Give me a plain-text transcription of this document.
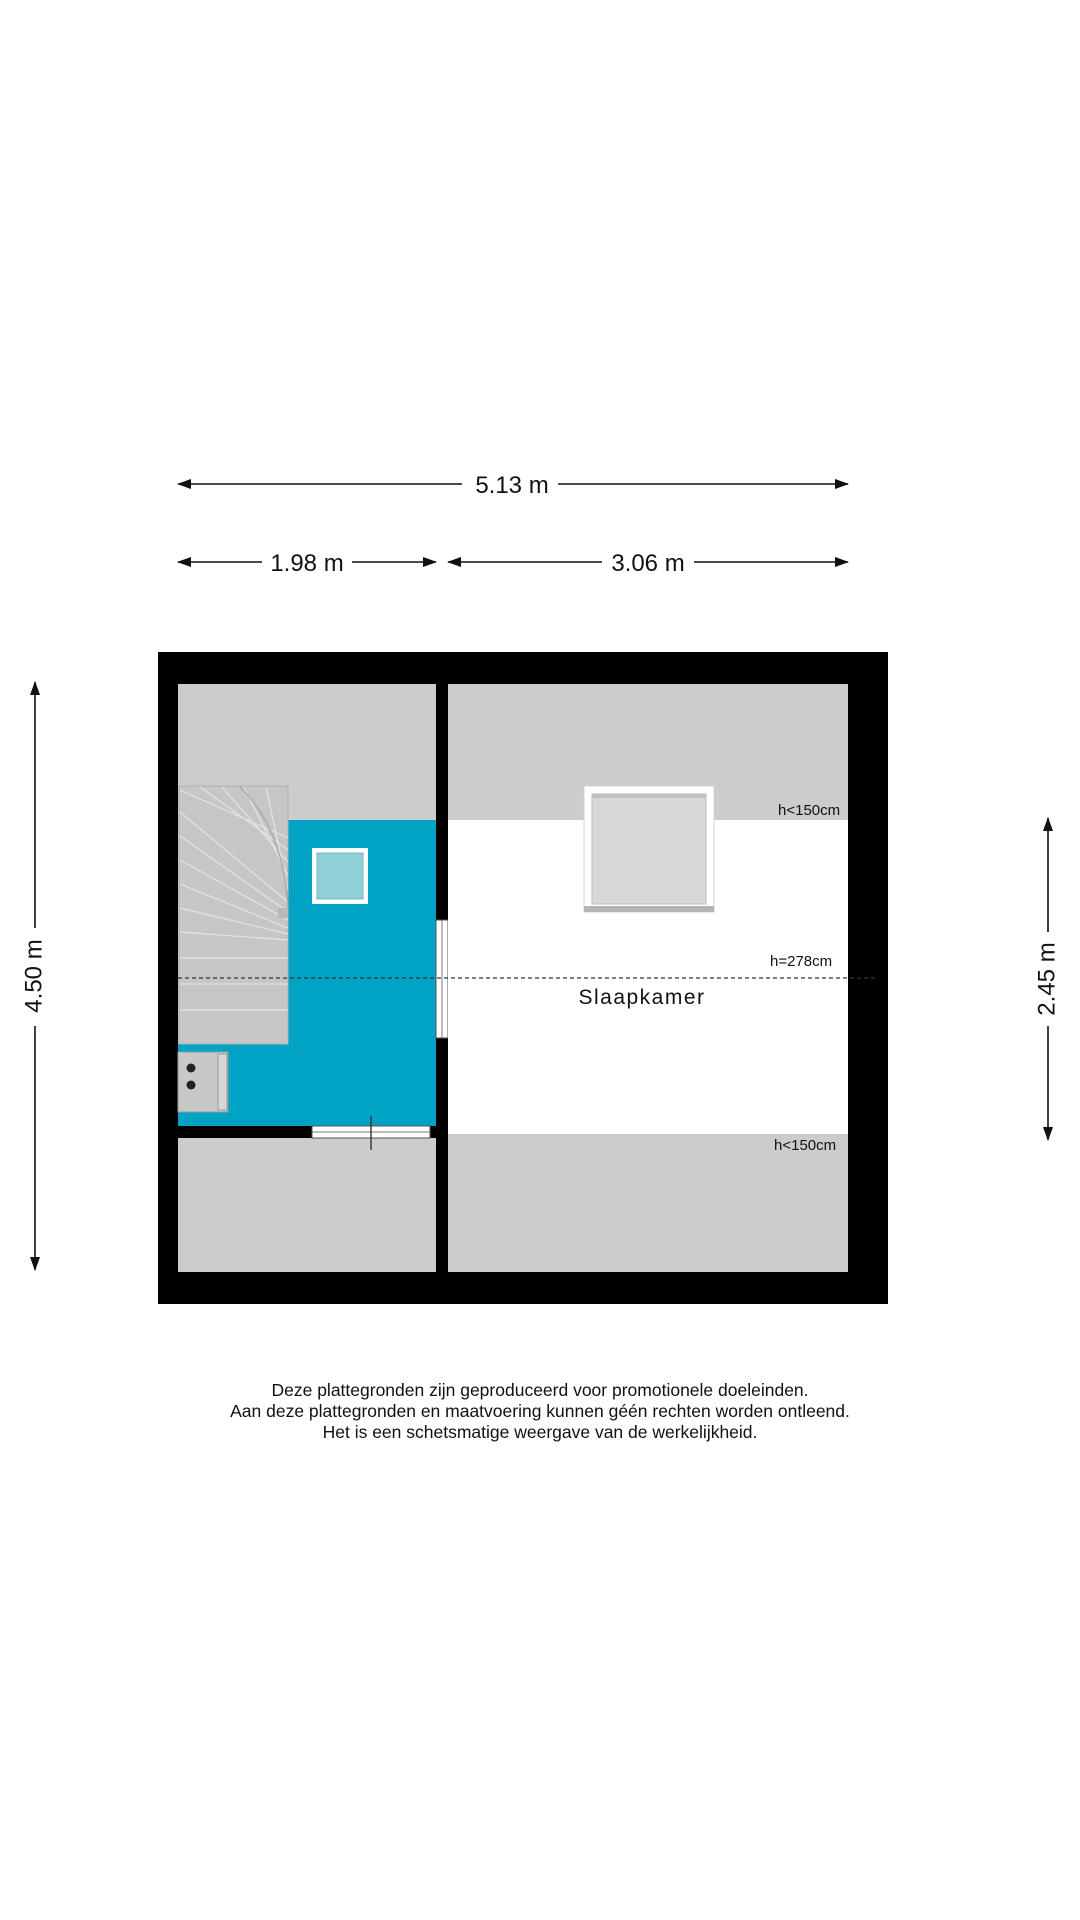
5.13 m
1.98 m	3.06 m
4.50 m	2.45 m
h<150cm
h=278cm
h<150cm
Slaapkamer
Deze plattegronden zijn geproduceerd voor promotionele doeleinden.
Aan deze plattegronden en maatvoering kunnen géén rechten worden ontleend.
Het is een schetsmatige weergave van de werkelijkheid.
